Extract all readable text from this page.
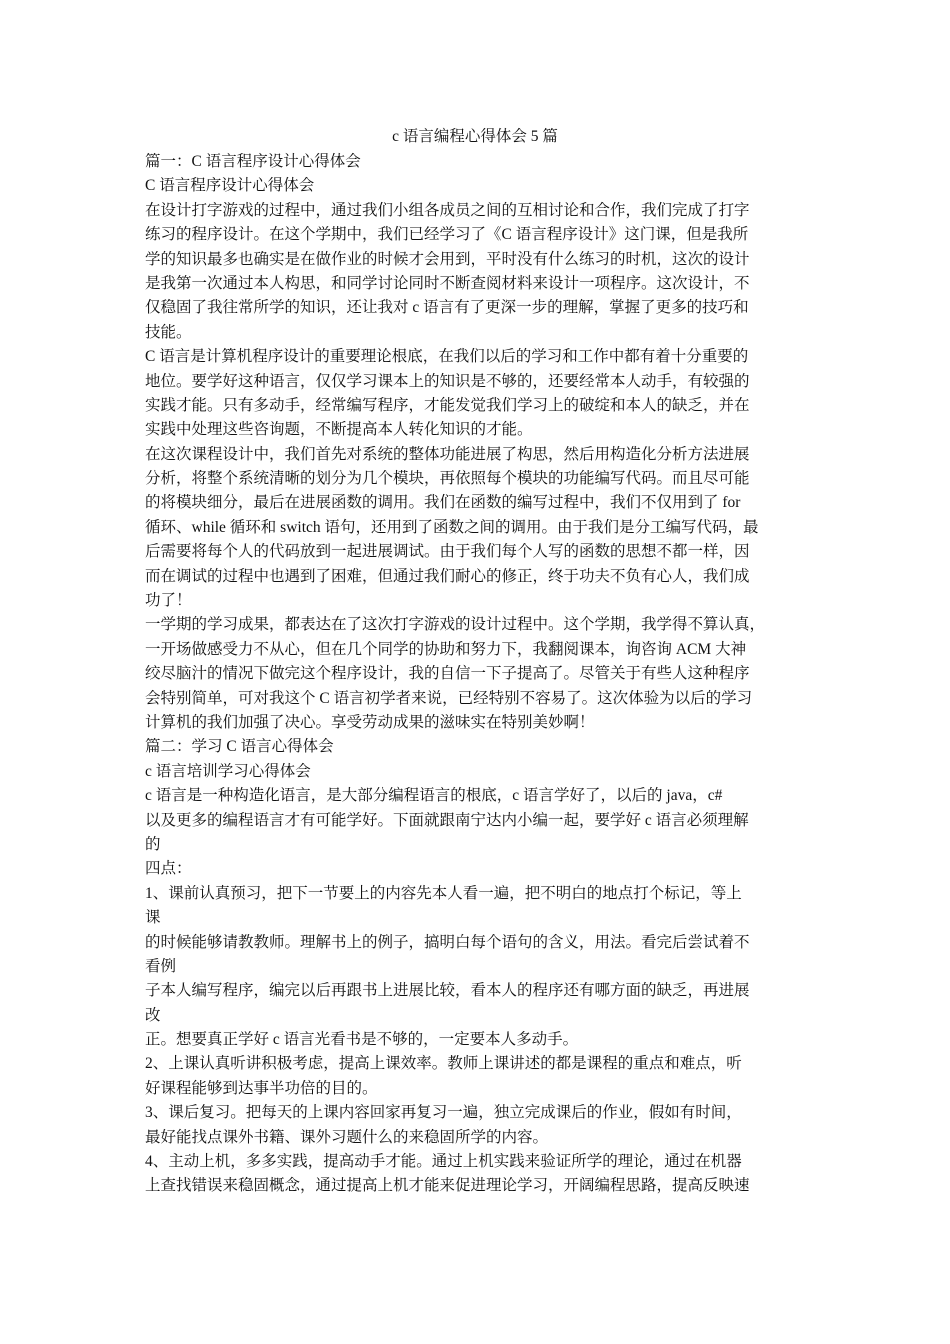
c 语言编程心得体会 5 篇
篇一：C 语言程序设计心得体会
C 语言程序设计心得体会
在设计打字游戏的过程中，通过我们小组各成员之间的互相讨论和合作，我们完成了打字
练习的程序设计。在这个学期中，我们已经学习了《C 语言程序设计》这门课，但是我所
学的知识最多也确实是在做作业的时候才会用到，平时没有什么练习的时机，这次的设计
是我第一次通过本人构思，和同学讨论同时不断查阅材料来设计一项程序。这次设计，不
仅稳固了我往常所学的知识，还让我对 c 语言有了更深一步的理解，掌握了更多的技巧和
技能。
C 语言是计算机程序设计的重要理论根底，在我们以后的学习和工作中都有着十分重要的
地位。要学好这种语言，仅仅学习课本上的知识是不够的，还要经常本人动手，有较强的
实践才能。只有多动手，经常编写程序，才能发觉我们学习上的破绽和本人的缺乏，并在
实践中处理这些咨询题，不断提高本人转化知识的才能。
在这次课程设计中，我们首先对系统的整体功能进展了构思，然后用构造化分析方法进展
分析，将整个系统清晰的划分为几个模块，再依照每个模块的功能编写代码。而且尽可能
的将模块细分，最后在进展函数的调用。我们在函数的编写过程中，我们不仅用到了 for
循环、while 循环和 switch 语句，还用到了函数之间的调用。由于我们是分工编写代码，最
后需要将每个人的代码放到一起进展调试。由于我们每个人写的函数的思想不都一样，因
而在调试的过程中也遇到了困难，但通过我们耐心的修正，终于功夫不负有心人，我们成
功了！
一学期的学习成果，都表达在了这次打字游戏的设计过程中。这个学期，我学得不算认真，
一开场做感受力不从心，但在几个同学的协助和努力下，我翻阅课本，询咨询 ACM 大神
绞尽脑汁的情况下做完这个程序设计，我的自信一下子提高了。尽管关于有些人这种程序
会特别简单，可对我这个 C 语言初学者来说，已经特别不容易了。这次体验为以后的学习
计算机的我们加强了决心。享受劳动成果的滋味实在特别美妙啊！
篇二：学习 C 语言心得体会
c 语言培训学习心得体会
c 语言是一种构造化语言，是大部分编程语言的根底，c 语言学好了，以后的 java，c#
以及更多的编程语言才有可能学好。下面就跟南宁达内小编一起，要学好 c 语言必须理解
的
四点：
1、课前认真预习，把下一节要上的内容先本人看一遍，把不明白的地点打个标记，等上
课
的时候能够请教教师。理解书上的例子，搞明白每个语句的含义，用法。看完后尝试着不
看例
子本人编写程序，编完以后再跟书上进展比较，看本人的程序还有哪方面的缺乏，再进展
改
正。想要真正学好 c 语言光看书是不够的，一定要本人多动手。
2、上课认真听讲积极考虑，提高上课效率。教师上课讲述的都是课程的重点和难点，听
好课程能够到达事半功倍的目的。
3、课后复习。把每天的上课内容回家再复习一遍，独立完成课后的作业，假如有时间，
最好能找点课外书籍、课外习题什么的来稳固所学的内容。
4、主动上机，多多实践，提高动手才能。通过上机实践来验证所学的理论，通过在机器
上查找错误来稳固概念，通过提高上机才能来促进理论学习，开阔编程思路，提高反映速
